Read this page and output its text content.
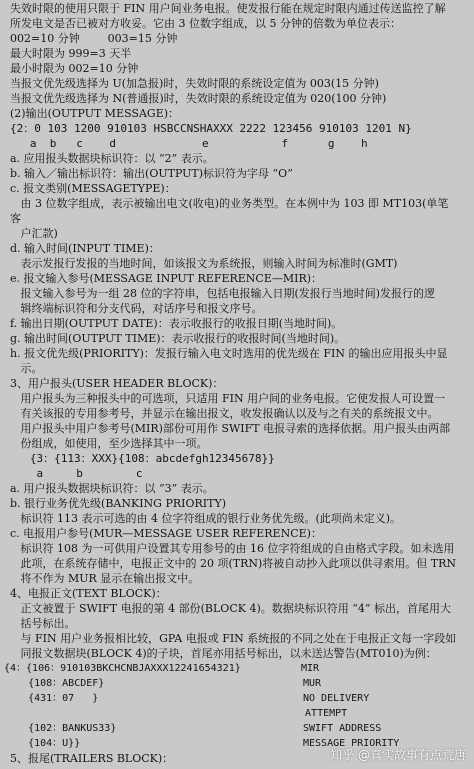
失效时限的使用只限于 FIN 用户间业务电报。使发报行能在规定时限内通过传送监控了解
所发电文是否已被对方收妥。它由 3 位数字组成，以 5 分钟的倍数为单位表示：
002=10 分钟        003=15 分钟
最大时限为 999=3 天半
最小时限为 002=10 分钟
当报文优先级选择为 U(加急报)时，失效时限的系统设定值为 003(15 分钟)
当报文优先级选择为 N(普通报)时，失效时限的系统设定值为 020(100 分钟)
(2)输出(OUTPUT MESSAGE)：
{2：0 103 1200 910103 HSBCCNSHAXXX 2222 123456 910103 1201 N}
a  b   c    d             e           f      g    h
a. 应用报头数据块标识符：以 “2” 表示。
b. 输入／输出标识符：输出(OUTPUT)标识符为字母 “O”
c. 报文类别(MESSAGETYPE)：
由 3 位数字组成，表示被输出电文(收电)的业务类型。在本例中为 103 即 MT103(单笔
客
户汇款)
d. 输入时间(INPUT TIME)：
表示发报行发报的当地时间，如该报文为系统报，则输入时间为标准时(GMT)
e. 报文输入参号(MESSAGE INPUT REFERENCE—MIR)：
报文输入参号为一组 28 位的字符串，包括电报输入日期(发报行当地时间)发报行的逻
辑终端标识符和分支代码，对话序号和报文序号。
f. 输出日期(OUTPUT DATE)：表示收报行的收报日期(当地时间)。
g. 输出时间(OUTPUT TIME)：表示收报行的收报时间(当地时间)。
h. 报文优先级(PRIORITY)：发报行输入电文时选用的优先级在 FIN 的输出应用报头中显
示。
3、用户报头(USER HEADER BLOCK)：
用户报头为三种报头中的可选项，只适用 FIN 用户间的业务电报。它使发报人可设置一
有关该报的专用参考号，并显示在输出报文，收发报确认以及与之有关的系统报文中。
用户报头中用户参考号(MIR)部份可用作 SWIFT 电报寻索的选择依据。用户报头由两部
份组成，如使用，至少选择其中一项。
{3：{113：XXX}{108：abcdefgh12345678}}
a     b        c
a. 用户报头数据块标识符：以 “3” 表示。
b. 银行业务优先级(BANKING PRIORITY)
标识符 113 表示可选的由 4 位字符组成的银行业务优先级。(此项尚未定义)。
c. 电报用户参号(MUR—MESSAGE USER REFERENCE)：
标识符 108 为一可供用户设置其专用参号的由 16 位字符组成的自由格式字段。如未选用
此项，在系统存储中，电报正文中的 20 项(TRN)将被自动抄入此项以供寻索用。但 TRN
将不作为 MUR 显示在输出报文中。
4、电报正文(TEXT BLOCK)：
正文被置于 SWIFT 电报的第 4 部份(BLOCK 4)。数据块标识符用 “4” 标出，首尾用大
括号标出。
与 FIN 用户业务报相比较，GPA 电报或 FIN 系统报的不同之处在于电报正文每一字段如
同报文数据块(BLOCK 4)的子块，首尾亦用括号标出，以未送达警告(MT010)为例：
{4：{106：910103BKCHCNBJAXXX12241654321}          MIR
{108：ABCDEF}                                 MUR
{431：07   }                                  NO DELIVERY
ATTEMPT
{102：BANKUS33}                               SWIFT ADDRESS
{104：U}}                                     MESSAGE PRIORITY
5、报尾(TRAILERS BLOCK)：	知乎 @真实故事有点荒唐
